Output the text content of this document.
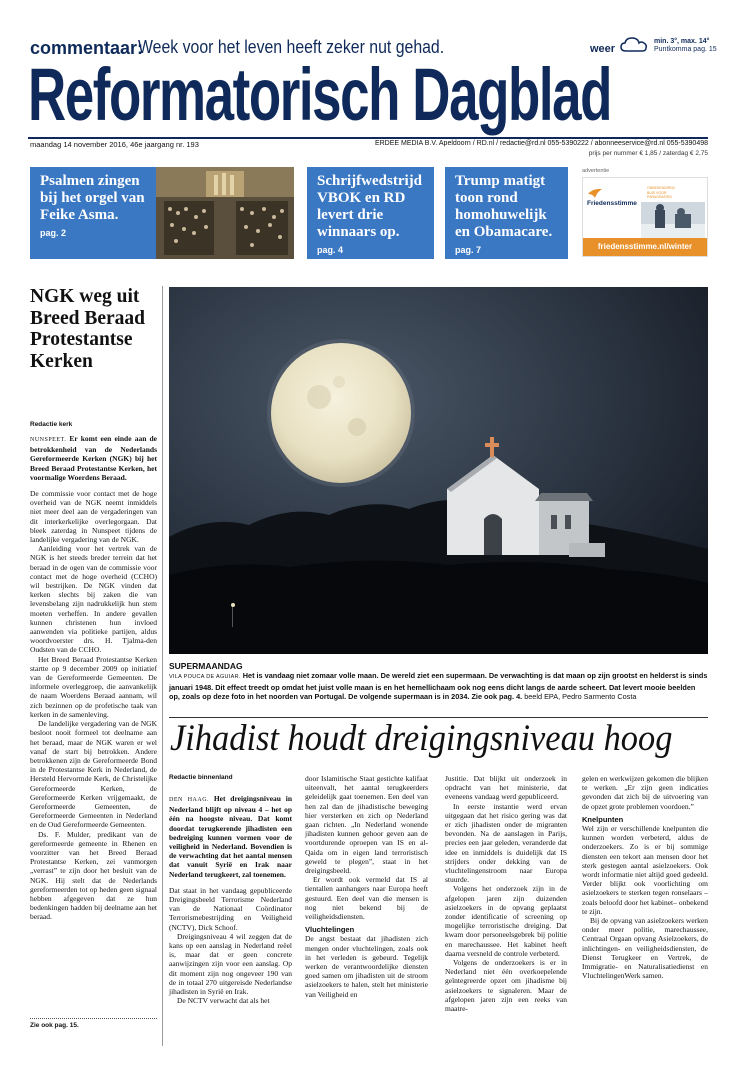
commentaar:
Week voor het leven heeft zeker nut gehad.	weer
min. 3°, max. 14°
Puntkomma pag. 15
Reformatorisch Dagblad
maandag 14 november 2016, 46e jaargang nr. 193	ERDEE MEDIA B.V. Apeldoorn / RD.nl / redactie@rd.nl 055-5390222 / abonneeservice@rd.nl 055-5390498
prijs per nummer € 1,85 / zaterdag € 2,75
Psalmen zingen bij het orgel van Feike Asma.
pag. 2
Schrijfwedstrijd VBOK en RD levert drie winnaars op.
pag. 4
Trump matigt toon rond homohuwelijk en Obamacare.
pag. 7
advertentie
Friedensstimme
ONBEKENDHEID BUIS VOOR PARAGRAFIEN
friedensstimme.nl/winter
NGK weg uit Breed Beraad Protestantse Kerken
Redactie kerk

NUNSPEET. Er komt een einde aan de betrokkenheid van de Nederlands Gereformeerde Kerken (NGK) bij het Breed Beraad Protestantse Kerken, het voormalige Woerdens Beraad.

De commissie voor contact met de hoge overheid van de NGK neemt inmiddels niet meer deel aan de vergaderingen van dit interkerkelijke overlegorgaan. Dat bleek zaterdag in Nunspeet tijdens de landelijke vergadering van de NGK.

Aanleiding voor het vertrek van de NGK is het steeds breder terrein dat het beraad in de ogen van de commissie voor contact met de hoge overheid (CCHO) wil bestrijken. De NGK vinden dat kerken slechts bij zaken die van levensbelang zijn nadrukkelijk hun stem moeten verheffen. In andere gevallen kunnen christenen hun invloed aanwenden via politieke partijen, aldus woordvoerster drs. H. Tjalma-den Oudsten van de CCHO.

Het Breed Beraad Protestantse Kerken startte op 9 december 2009 op initiatief van de Gereformeerde Gemeenten. De informele overleggroep, die aanvankelijk de naam Woerdens Beraad aannam, wil zich bezinnen op de profetische taak van kerken in de samenleving.

De landelijke vergadering van de NGK besloot nooit formeel tot deelname aan het beraad, maar de NGK waren er wel vanaf de start bij betrokken. Andere betrokkenen zijn de Gereformeerde Bond in de Protestantse Kerk in Nederland, de Hersteld Hervormde Kerk, de Christelijke Gereformeerde Kerken, de Gereformeerde Kerken vrijgemaakt, de Gereformeerde Gemeenten, de Gereformeerde Gemeenten in Nederland en de Oud Gereformeerde Gemeenten.

Ds. F. Mulder, predikant van de gereformeerde gemeente in Rhenen en voorzitter van het Breed Beraad Protestantse Kerken, zei vanmorgen „verrast” te zijn door het besluit van de NGK. Hij stelt dat de Nederlands gereformeerden tot op heden geen signaal hebben afgegeven dat ze hun bedenkingen hadden bij deelname aan het beraad.

Zie ook pag. 15.
SUPERMAANDAG
VILA POUCA DE AGUIAR. Het is vandaag niet zomaar volle maan. De wereld ziet een supermaan. De verwachting is dat maan op zijn grootst en helderst is sinds januari 1948. Dit effect treedt op omdat het juist volle maan is en het hemellichaam ook nog eens dicht langs de aarde scheert. Dat levert mooie beelden op, zoals op deze foto in het noorden van Portugal. De volgende supermaan is in 2034. Zie ook pag. 4. beeld EPA, Pedro Sarmento Costa
Jihadist houdt dreigingsniveau hoog
Redactie binnenland

DEN HAAG. Het dreigingsniveau in Nederland blijft op niveau 4 – het op één na hoogste niveau. Dat komt doordat terugkerende jihadisten een bedreiging kunnen vormen voor de veiligheid in Nederland. Bovendien is de verwachting dat het aantal mensen dat vanuit Syrië en Irak naar Nederland terugkeert, zal toenemen.

Dat staat in het vandaag gepubliceerde Dreigingsbeeld Terrorisme Nederland van de Nationaal Coördinator Terrorismebestrijding en Veiligheid (NCTV), Dick Schoof.

Dreigingsniveau 4 wil zeggen dat de kans op een aanslag in Nederland reëel is, maar dat er geen concrete aanwijzingen zijn voor een aanslag. Op dit moment zijn nog ongeveer 190 van de in totaal 270 uitgereisde Nederlandse jihadisten in Syrië en Irak.

De NCTV verwacht dat als het

door Islamitische Staat gestichte kalifaat uiteenvalt, het aantal terugkeerders geleidelijk gaat toenemen. Een deel van hen zal dan de jihadistische beweging hier versterken en zich op Nederland gaan richten. „In Nederland wonende jihadisten kunnen gehoor geven aan de voortdurende oproepen van IS en al-Qaida om in eigen land terroristisch geweld te plegen”, staat in het dreigingsbeeld.

Er wordt ook vermeld dat IS al tientallen aanhangers naar Europa heeft gestuurd. Een deel van die mensen is nog niet bekend bij de veiligheidsdiensten.

Vluchtelingen

De angst bestaat dat jihadisten zich mengen onder vluchtelingen, zoals ook in het verleden is gebeurd. Tegelijk werken de verantwoordelijke diensten goed samen om jihadisten uit de stroom asielzoekers te halen, stelt het ministerie van Veiligheid en

Justitie. Dat blijkt uit onderzoek in opdracht van het ministerie, dat eveneens vandaag werd gepubliceerd.

In eerste instantie werd ervan uitgegaan dat het risico gering was dat er zich jihadisten onder de migranten bevonden. Na de aanslagen in Parijs, precies een jaar geleden, veranderde dat idee en inmiddels is duidelijk dat IS strijders onder dekking van de vluchtelingenstroom naar Europa stuurde.

Volgens het onderzoek zijn in de afgelopen jaren zijn duizenden asielzoekers in de opvang geplaatst zonder identificatie of screening op mogelijke terroristische dreiging. Dat kwam door personeelsgebrek bij politie en marechaussee. Het kabinet heeft daarna versneld de controle verbeterd.

Volgens de onderzoekers is er in Nederland niet één overkoepelende geïntegreerde opzet om jihadisme bij asielzoekers te signaleren. Maar de afgelopen jaren zijn een reeks van maatre-

gelen en werkwijzen gekomen die blijken te werken. „Er zijn geen indicaties gevonden dat zich bij de uitvoering van de opzet grote problemen voordoen.”

Knelpunten

Wel zijn er verschillende knelpunten die kunnen worden verbeterd, aldus de onderzoekers. Zo is er bij sommige diensten een tekort aan mensen door het sterk gestegen aantal asielzoekers. Ook wordt informatie niet altijd goed gedeeld. Verder blijkt ook voorlichting om asielzoekers te sterken tegen ronselaars –zoals beloofd door het kabinet– onbekend te zijn.

Bij de opvang van asielzoekers werken onder meer politie, marechaussee, Centraal Orgaan opvang Asielzoekers, de inlichtingen- en veiligheidsdiensten, de Dienst Terugkeer en Vertrek, de Immigratie- en Naturalisatiedienst en VluchtelingenWerk samen.
